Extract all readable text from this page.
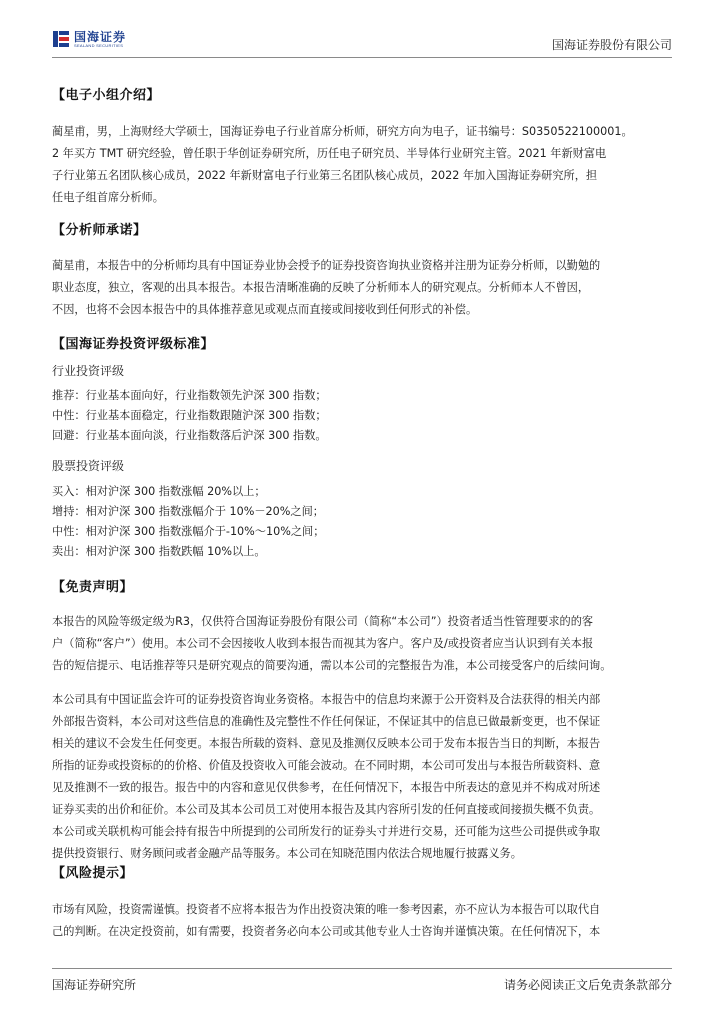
国海证券
SEALAND SECURITIES	国海证券股份有限公司
【电子小组介绍】

蔺星甫，男，上海财经大学硕士，国海证券电子行业首席分析师，研究方向为电子，证书编号：S0350522100001。

2 年买方 TMT 研究经验，曾任职于华创证券研究所，历任电子研究员、半导体行业研究主管。2021 年新财富电

子行业第五名团队核心成员，2022 年新财富电子行业第三名团队核心成员，2022 年加入国海证券研究所，担

任电子组首席分析师。

【分析师承诺】

蔺星甫，本报告中的分析师均具有中国证券业协会授予的证券投资咨询执业资格并注册为证券分析师，以勤勉的

职业态度，独立，客观的出具本报告。本报告清晰准确的反映了分析师本人的研究观点。分析师本人不曾因，

不因，也将不会因本报告中的具体推荐意见或观点而直接或间接收到任何形式的补偿。

【国海证券投资评级标准】
行业投资评级
推荐：行业基本面向好，行业指数领先沪深 300 指数；
中性：行业基本面稳定，行业指数跟随沪深 300 指数；
回避：行业基本面向淡，行业指数落后沪深 300 指数。
股票投资评级
买入：相对沪深 300 指数涨幅 20%以上；
增持：相对沪深 300 指数涨幅介于 10%－20%之间；
中性：相对沪深 300 指数涨幅介于-10%～10%之间；
卖出：相对沪深 300 指数跌幅 10%以上。
【免责声明】

本报告的风险等级定级为R3，仅供符合国海证券股份有限公司（简称“本公司”）投资者适当性管理要求的的客

户（简称“客户”）使用。本公司不会因接收人收到本报告而视其为客户。客户及/或投资者应当认识到有关本报

告的短信提示、电话推荐等只是研究观点的简要沟通，需以本公司的完整报告为准，本公司接受客户的后续问询。

本公司具有中国证监会许可的证券投资咨询业务资格。本报告中的信息均来源于公开资料及合法获得的相关内部

外部报告资料，本公司对这些信息的准确性及完整性不作任何保证，不保证其中的信息已做最新变更，也不保证

相关的建议不会发生任何变更。本报告所载的资料、意见及推测仅反映本公司于发布本报告当日的判断，本报告

所指的证券或投资标的的价格、价值及投资收入可能会波动。在不同时期，本公司可发出与本报告所载资料、意

见及推测不一致的报告。报告中的内容和意见仅供参考，在任何情况下，本报告中所表达的意见并不构成对所述

证券买卖的出价和征价。本公司及其本公司员工对使用本报告及其内容所引发的任何直接或间接损失概不负责。

本公司或关联机构可能会持有报告中所提到的公司所发行的证券头寸并进行交易，还可能为这些公司提供或争取

提供投资银行、财务顾问或者金融产品等服务。本公司在知晓范围内依法合规地履行披露义务。

【风险提示】

市场有风险，投资需谨慎。投资者不应将本报告为作出投资决策的唯一参考因素，亦不应认为本报告可以取代自

己的判断。在决定投资前，如有需要，投资者务必向本公司或其他专业人士咨询并谨慎决策。在任何情况下，本

国海证券研究所	请务必阅读正文后免责条款部分
